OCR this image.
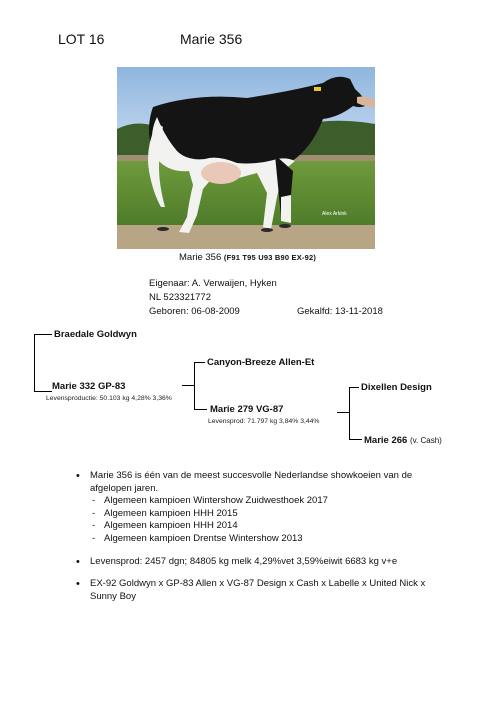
LOT 16	Marie 356
Alex Arkink
Marie 356 (F91 T95 U93 B90 EX-92)
Eigenaar: A. Verwaijen, Hyken
NL 523321772
Geboren: 06-08-2009	Gekalfd: 13-11-2018
Braedale Goldwyn
Marie 332 GP-83
Levensproductie: 50.103 kg 4,28% 3,36%
Canyon-Breeze Allen-Et
Marie 279 VG-87
Levensprod: 71.797 kg 3,84% 3,44%
Dixellen Design
Marie 266 (v. Cash)
• Marie 356 is één van de meest succesvolle Nederlandse showkoeien van de afgelopen jaren.
- Algemeen kampioen Wintershow Zuidwesthoek 2017
- Algemeen kampioen HHH 2015
- Algemeen kampioen HHH 2014
- Algemeen kampioen Drentse Wintershow 2013
• Levensprod: 2457 dgn; 84805 kg melk 4,29%vet 3,59%eiwit 6683 kg v+e
• EX-92 Goldwyn x GP-83 Allen x VG-87 Design x Cash x Labelle x United Nick x Sunny Boy
